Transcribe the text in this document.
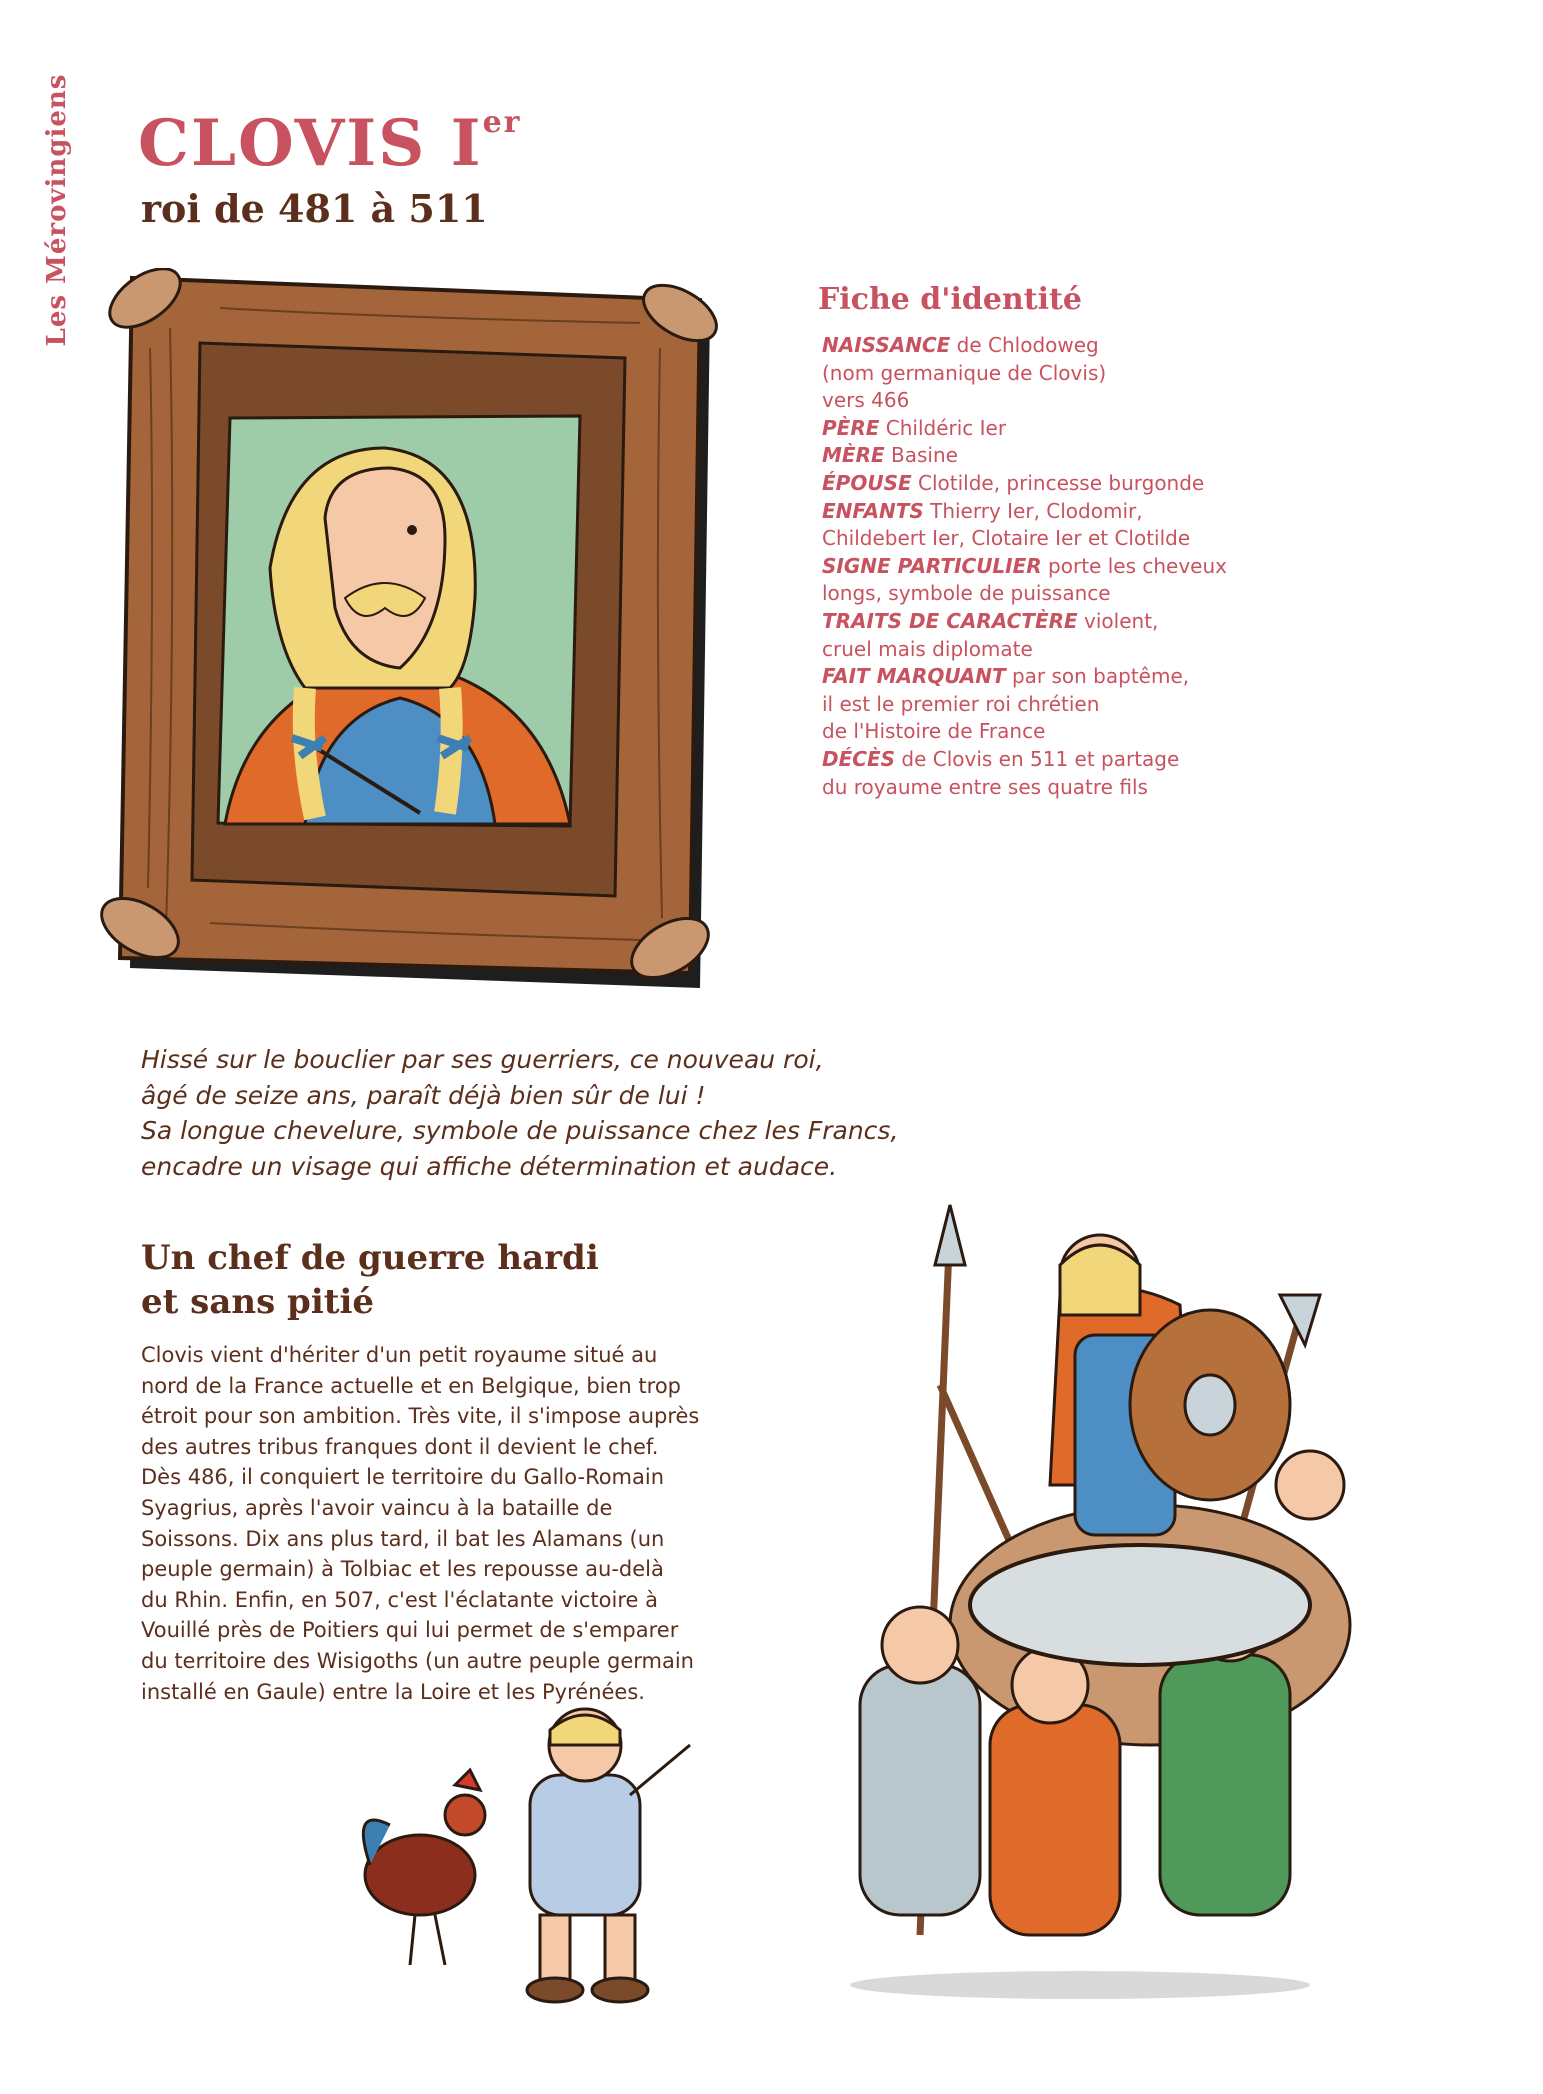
Les Mérovingiens CLOVIS Ier
roi de 481 à 511
Fiche d'identité
NAISSANCE de Chlodoweg
(nom germanique de Clovis)
vers 466
PÈRE Childéric Ier
MÈRE Basine
ÉPOUSE Clotilde, princesse burgonde
ENFANTS Thierry Ier, Clodomir,
Childebert Ier, Clotaire Ier et Clotilde
SIGNE PARTICULIER porte les cheveux
longs, symbole de puissance
TRAITS DE CARACTÈRE violent,
cruel mais diplomate
FAIT MARQUANT par son baptême,
il est le premier roi chrétien
de l'Histoire de France
DÉCÈS de Clovis en 511 et partage
du royaume entre ses quatre fils
Hissé sur le bouclier par ses guerriers, ce nouveau roi,
âgé de seize ans, paraît déjà bien sûr de lui !
Sa longue chevelure, symbole de puissance chez les Francs,
encadre un visage qui affiche détermination et audace.
Un chef de guerre hardi
et sans pitié
Clovis vient d'hériter d'un petit royaume situé au
nord de la France actuelle et en Belgique, bien trop
étroit pour son ambition. Très vite, il s'impose auprès
des autres tribus franques dont il devient le chef.
Dès 486, il conquiert le territoire du Gallo-Romain
Syagrius, après l'avoir vaincu à la bataille de
Soissons. Dix ans plus tard, il bat les Alamans (un
peuple germain) à Tolbiac et les repousse au-delà
du Rhin. Enfin, en 507, c'est l'éclatante victoire à
Vouillé près de Poitiers qui lui permet de s'emparer
du territoire des Wisigoths (un autre peuple germain
installé en Gaule) entre la Loire et les Pyrénées.
